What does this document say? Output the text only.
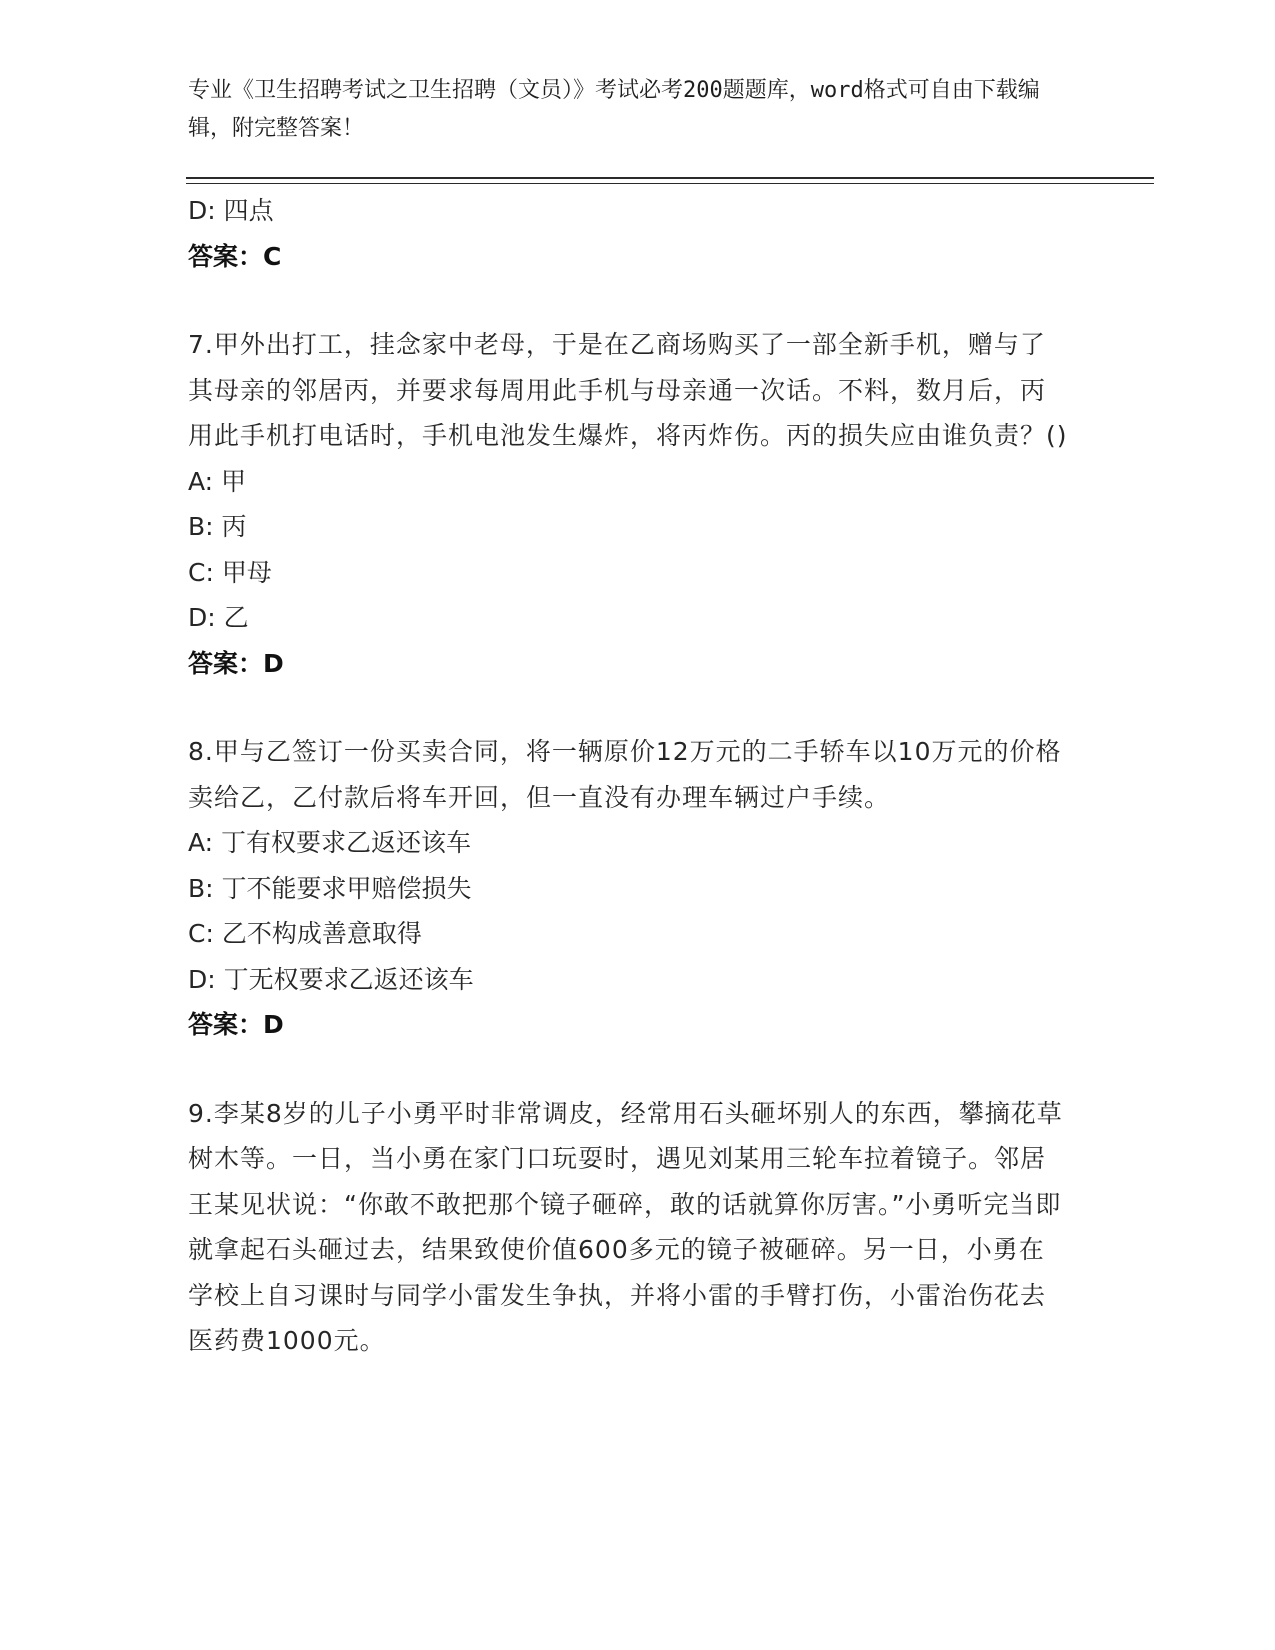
专业《卫生招聘考试之卫生招聘（文员）》考试必考200题题库，word格式可自由下载编辑，附完整答案！

D: 四点

答案：C

7.甲外出打工，挂念家中老母，于是在乙商场购买了一部全新手机，赠与了其母亲的邻居丙，并要求每周用此手机与母亲通一次话。不料，数月后，丙用此手机打电话时，手机电池发生爆炸，将丙炸伤。丙的损失应由谁负责？()

A: 甲

B: 丙

C: 甲母

D: 乙

答案：D

8.甲与乙签订一份买卖合同，将一辆原价12万元的二手轿车以10万元的价格卖给乙，乙付款后将车开回，但一直没有办理车辆过户手续。

A: 丁有权要求乙返还该车

B: 丁不能要求甲赔偿损失

C: 乙不构成善意取得

D: 丁无权要求乙返还该车

答案：D

9.李某8岁的儿子小勇平时非常调皮，经常用石头砸坏别人的东西，攀摘花草树木等。一日，当小勇在家门口玩耍时，遇见刘某用三轮车拉着镜子。邻居王某见状说：“你敢不敢把那个镜子砸碎，敢的话就算你厉害。”小勇听完当即就拿起石头砸过去，结果致使价值600多元的镜子被砸碎。另一日，小勇在学校上自习课时与同学小雷发生争执，并将小雷的手臂打伤，小雷治伤花去医药费1000元。
